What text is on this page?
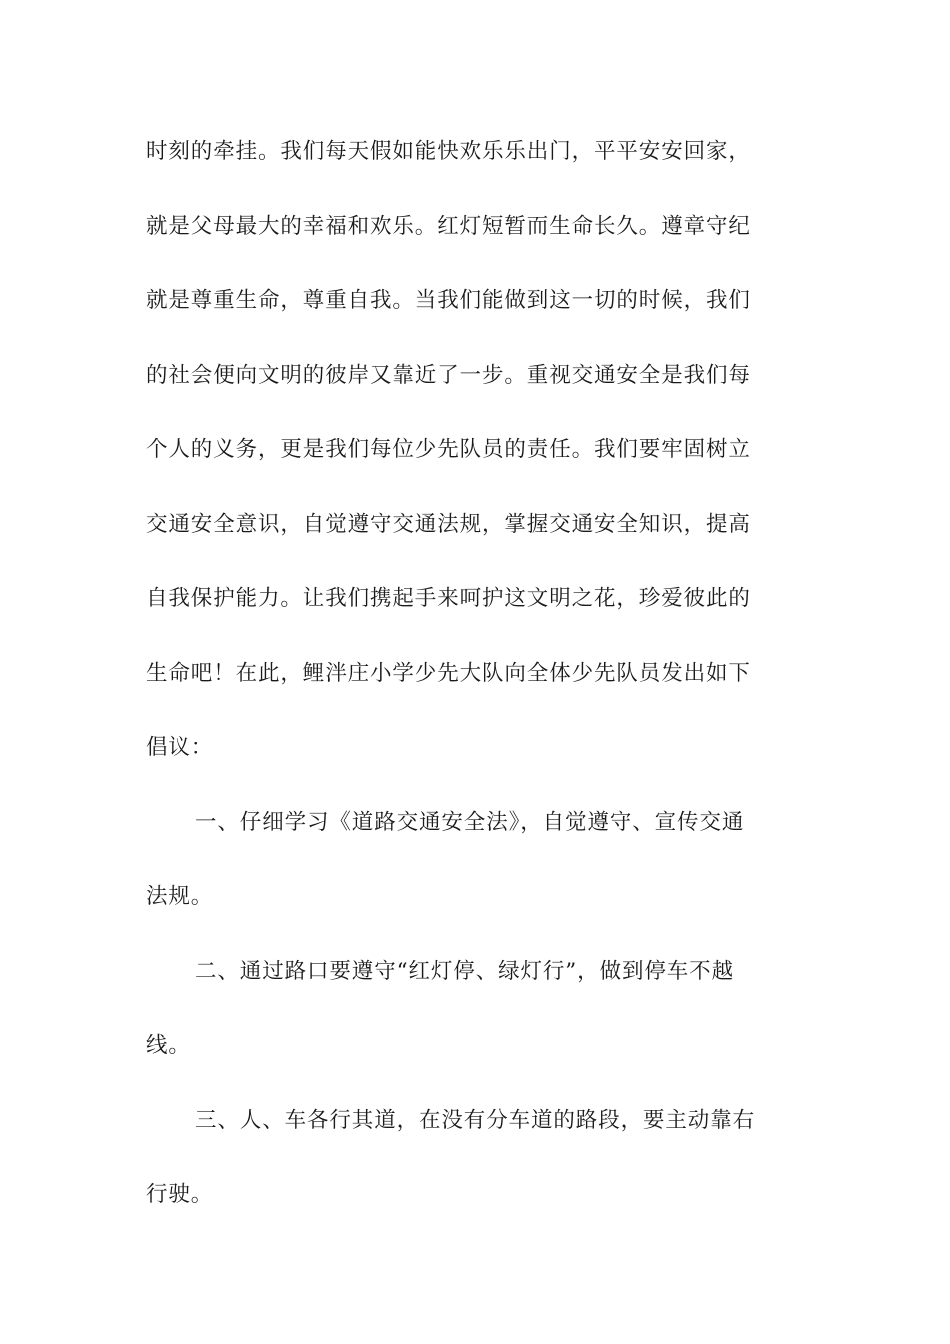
时刻的牵挂。我们每天假如能快欢乐乐出门，平平安安回家，
就是父母最大的幸福和欢乐。红灯短暂而生命长久。遵章守纪
就是尊重生命，尊重自我。当我们能做到这一切的时候，我们
的社会便向文明的彼岸又靠近了一步。重视交通安全是我们每
个人的义务，更是我们每位少先队员的责任。我们要牢固树立
交通安全意识，自觉遵守交通法规，掌握交通安全知识，提高
自我保护能力。让我们携起手来呵护这文明之花，珍爱彼此的
生命吧！在此，鲤泮庄小学少先大队向全体少先队员发出如下
倡议：
一、仔细学习《道路交通安全法》，自觉遵守、宣传交通
法规。
二、通过路口要遵守“红灯停、绿灯行”，做到停车不越
线。
三、人、车各行其道，在没有分车道的路段，要主动靠右
行驶。
